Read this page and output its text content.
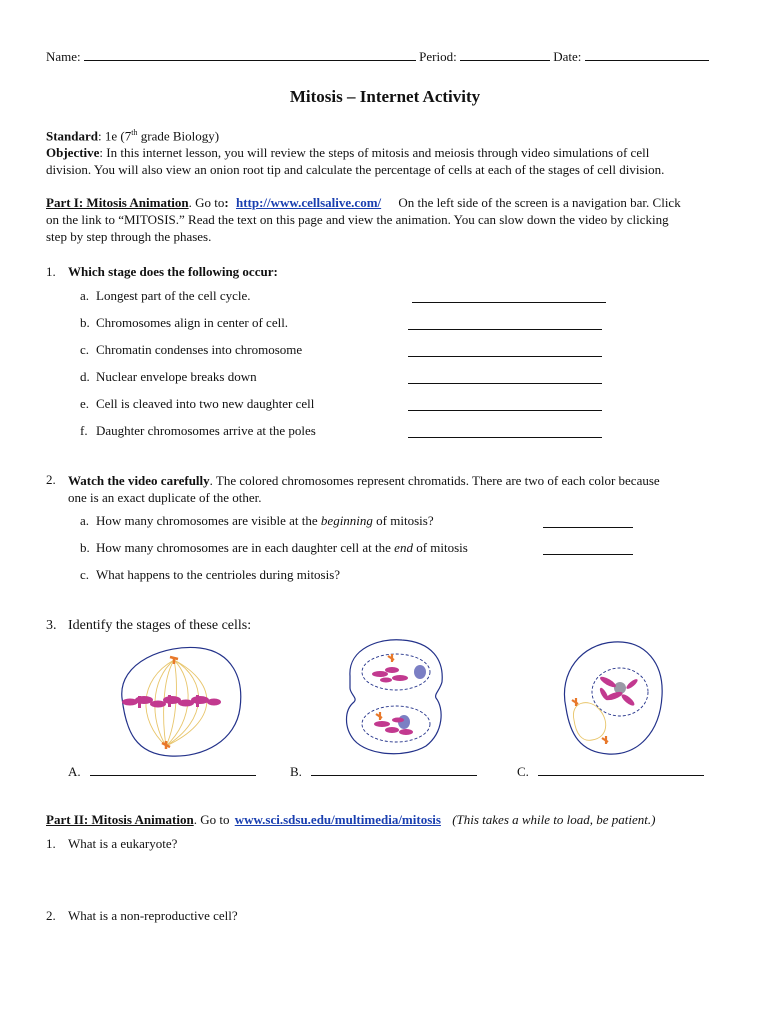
Name:	Period:	Date:
Mitosis – Internet Activity
Standard: 1e (7th grade Biology)
Objective: In this internet lesson, you will review the steps of mitosis and meiosis through video simulations of cell
division. You will also view an onion root tip and calculate the percentage of cells at each of the stages of cell division.
Part I: Mitosis Animation. Go to: http://www.cellsalive.com/ On the left side of the screen is a navigation bar. Click
on the link to “MITOSIS.” Read the text on this page and view the animation. You can slow down the video by clicking
step by step through the phases.
1. Which stage does the following occur:
a. Longest part of the cell cycle.
b. Chromosomes align in center of cell.
c. Chromatin condenses into chromosome
d. Nuclear envelope breaks down
e. Cell is cleaved into two new daughter cell
f. Daughter chromosomes arrive at the poles
2. Watch the video carefully. The colored chromosomes represent chromatids. There are two of each color because
one is an exact duplicate of the other.
a. How many chromosomes are visible at the beginning of mitosis?
b. How many chromosomes are in each daughter cell at the end of mitosis
c. What happens to the centrioles during mitosis?
3. Identify the stages of these cells:
A.	B.	C.
Part II: Mitosis Animation. Go to www.sci.sdsu.edu/multimedia/mitosis (This takes a while to load, be patient.)
1. What is a eukaryote?
2. What is a non-reproductive cell?
